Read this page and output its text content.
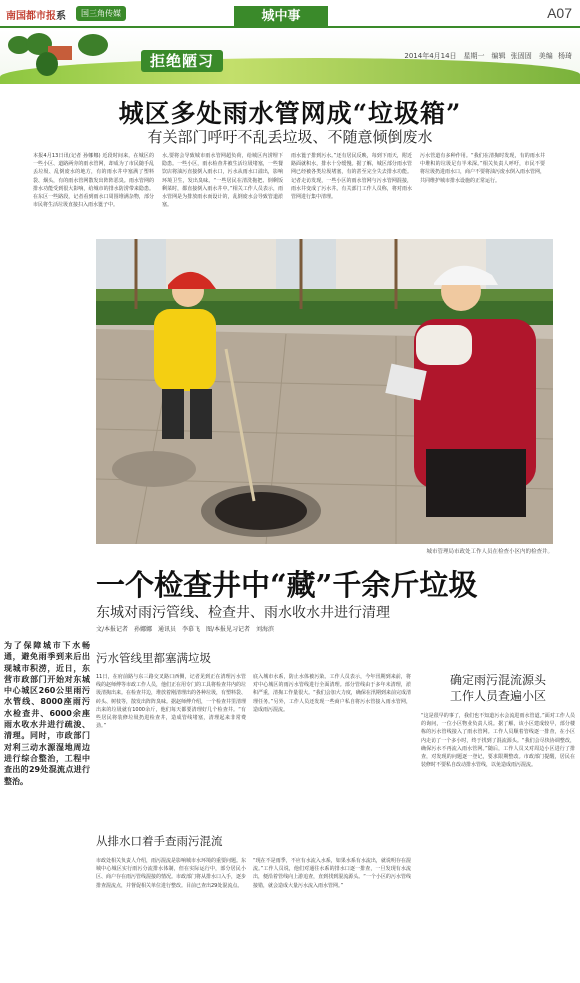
南国都市报系	国三角传媒	城中事	A07
2014年4月14日　星期一　编辑 张固固　美编 杨琦
拒绝陋习
城区多处雨水管网成“垃圾箱”
有关部门呼吁不乱丢垃圾、不随意倾倒废水
本报4月13日讯(记者 孙娜娜) 近段时间来，在城区的一些小区、道路两旁的雨水管网，却成为了市民随手乱丢垃圾、乱倒废水的地方，有的雨水井中塞满了塑料袋、烟头，有的雨水管网散发出阵阵恶臭。雨水管网的排水功能受到很大影响，给城市的排水防涝带来隐患。在东区一些路段，记者看到雨水口周围堆满杂物，部分市民将生活垃圾直接扫入雨水篦子中。
水,要将会导致城市雨水管网超负荷，给城区内涝埋下隐患。一些小区，雨水检查井被生活垃圾堵塞，一些餐饮店将油污直接倒入雨水口，污水从雨水口溢出，影响环境卫生，发出臭味。“一些居民在清洗拖把、倒剩饭剩菜时，都直接倒入雨水井中。”相关工作人员表示，雨水管网是为排放雨水而设计的，乱倒废水会导致管道淤塞。
雨水篦子排到污水。”还有居民反映，每到下雨天，附近路面就积水，排水十分缓慢。据了解，城区部分雨水管网已经被各类垃圾堵塞，有的甚至完全失去排水功能。记者走访发现，一些小区的雨水管网与污水管网混接，雨水井变成了污水井。有关部门工作人员称，将对雨水管网进行集中清理。
污水管道有多种作用。“我们在清掏时发现，有的雨水井中堆积的垃圾足有半米深。”相关负责人呼吁，市民不要将垃圾扔进雨水口，商户不要将油污废水倒入雨水管网，共同维护城市排水设施的正常运行。
城市管理局市政处工作人员在检查小区内的检查井。
一个检查井中“藏”千余斤垃圾
东城对雨污管线、检查井、雨水收水井进行清理
文/本报记者　孙娜娜　通讯员　李慕飞　图/本报见习记者　刘海滨
为了保障城市下水畅通，避免雨季到来后出现城市积涝，近日，东营市政部门开始对东城中心城区260公里雨污水管线、8000座雨污水检查井、6000余座雨水收水井进行疏浚、清理。同时，市政部门对利三动水源湿地周边进行综合整治，工程中查出的29处混流点进行整治。
污水管线里都塞满垃圾
11日，在府前路与东三路交叉路口西侧，记者见到正在清理污水管线的赵师傅等市政工作人员，他们正在用专门的工具将检查井内的垃圾清掏出来。在检查井边，堆放着刚清理出的各种垃圾，有塑料袋、砖头、树枝等，散发出阵阵臭味。据赵师傅介绍，一个检查井里清理出来的垃圾就有1000余斤，他们每天都要清理好几个检查井。“有些居民将装修垃圾扔进检查井，造成管线堵塞，清理起来非常费劲。”
底入城市水系，防止水体被污染。工作人员表示，今年汛期到来前，将对中心城区的雨污水管线进行全面清理。部分管线由于多年未清理，淤积严重，清掏工作量很大。“我们会加大力度，确保在汛期到来前完成清理任务。”另外，工作人员还发现一些商户私自将污水管接入雨水管网，造成雨污混流。
从排水口着手查雨污混流
市政处相关负责人介绍，雨污混流是影响城市水环境的重要问题。东城中心城区实行雨污分流排水体制，但在实际运行中，部分居民小区、商户存在雨污管线混接的情况。市政部门将从排水口入手，逐步排查混流点，并督促相关单位进行整改。目前已查出29处混流点。
“现在不是雨季，不应有水流入水系，如果水系有水流出，就说明存在混流。”工作人员说，他们对通往水系的排水口逐一排查，一旦发现有水流出，便沿着管线向上游追查，直到找到混流源头。“一个小区的污水管线接错，就会造成大量污水流入雨水管网。”
确定雨污混流源头
工作人员查遍小区
“这是很早的事了，我们也不知道污水会流进雨水管道。”面对工作人员的询问，一位小区物业负责人说。据了解，该小区建成较早，部分楼栋的污水管线接入了雨水管网。工作人员顺着管线逐一排查，在小区内走访了一个多小时，终于找到了混流源头。“我们会尽快协调整改，确保污水不再流入雨水管网。”随后，工作人员又对周边小区进行了排查，对发现的问题逐一登记，要求限期整改。市政部门提醒，居民在装修时不要私自改动排水管线，以免造成雨污混流。
